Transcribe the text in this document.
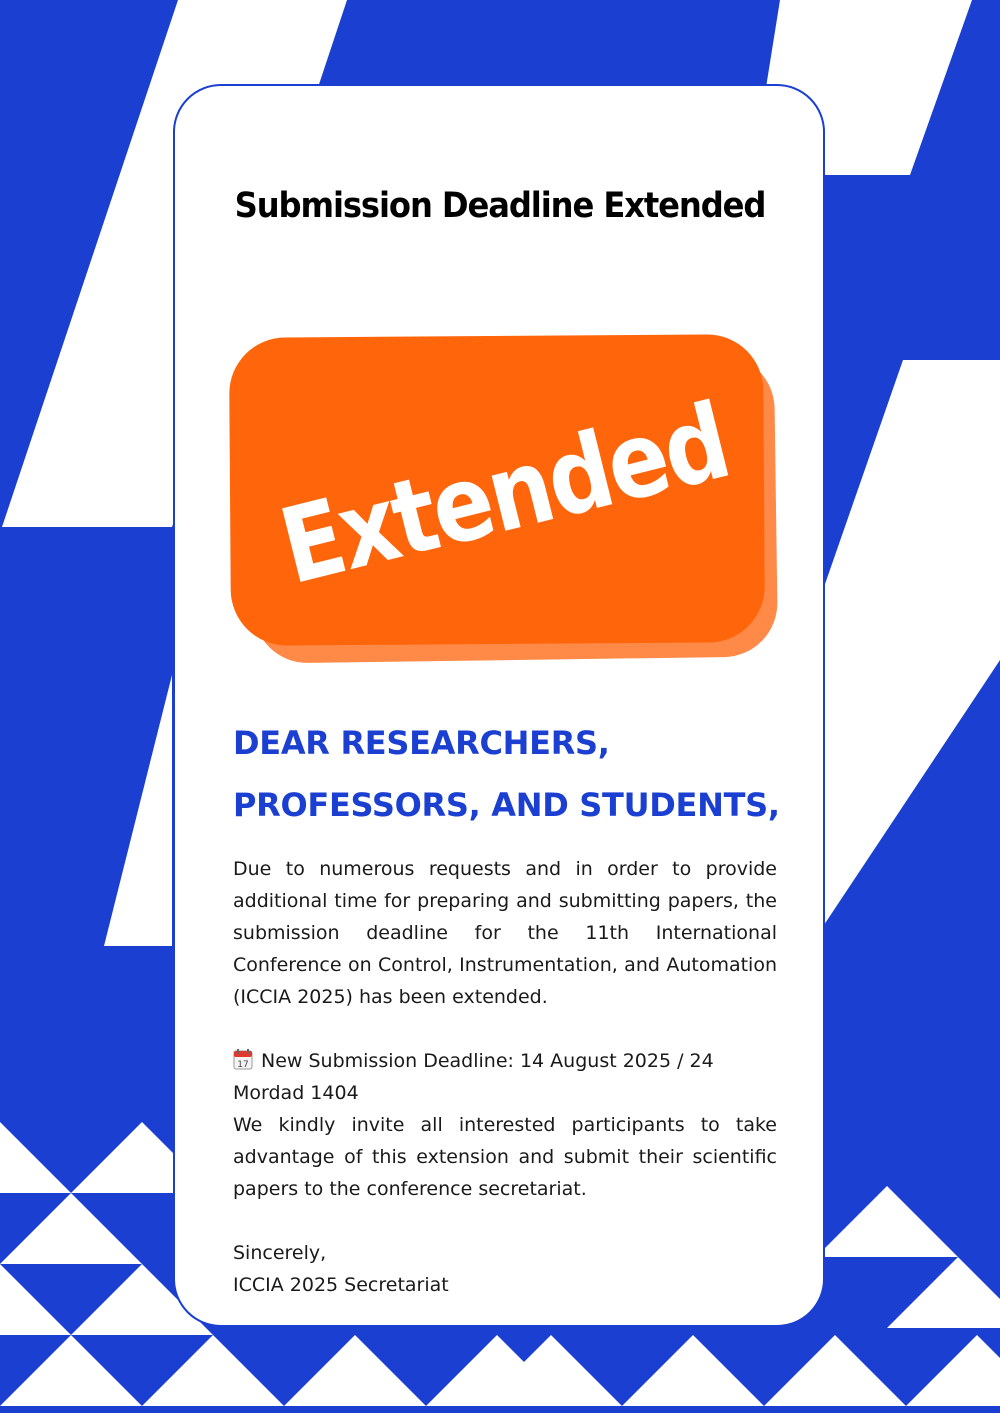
Submission Deadline Extended
Extended
DEAR RESEARCHERS,
PROFESSORS, AND STUDENTS,

Due to numerous requests and in order to provide additional time for preparing and submitting papers, the submission deadline for the 11th International Conference on Control, Instrumentation, and Automation (ICCIA 2025) has been extended.

17 New Submission Deadline: 14 August 2025 / 24 Mordad 1404

We kindly invite all interested participants to take advantage of this extension and submit their scientific papers to the conference secretariat.

Sincerely,

ICCIA 2025 Secretariat
